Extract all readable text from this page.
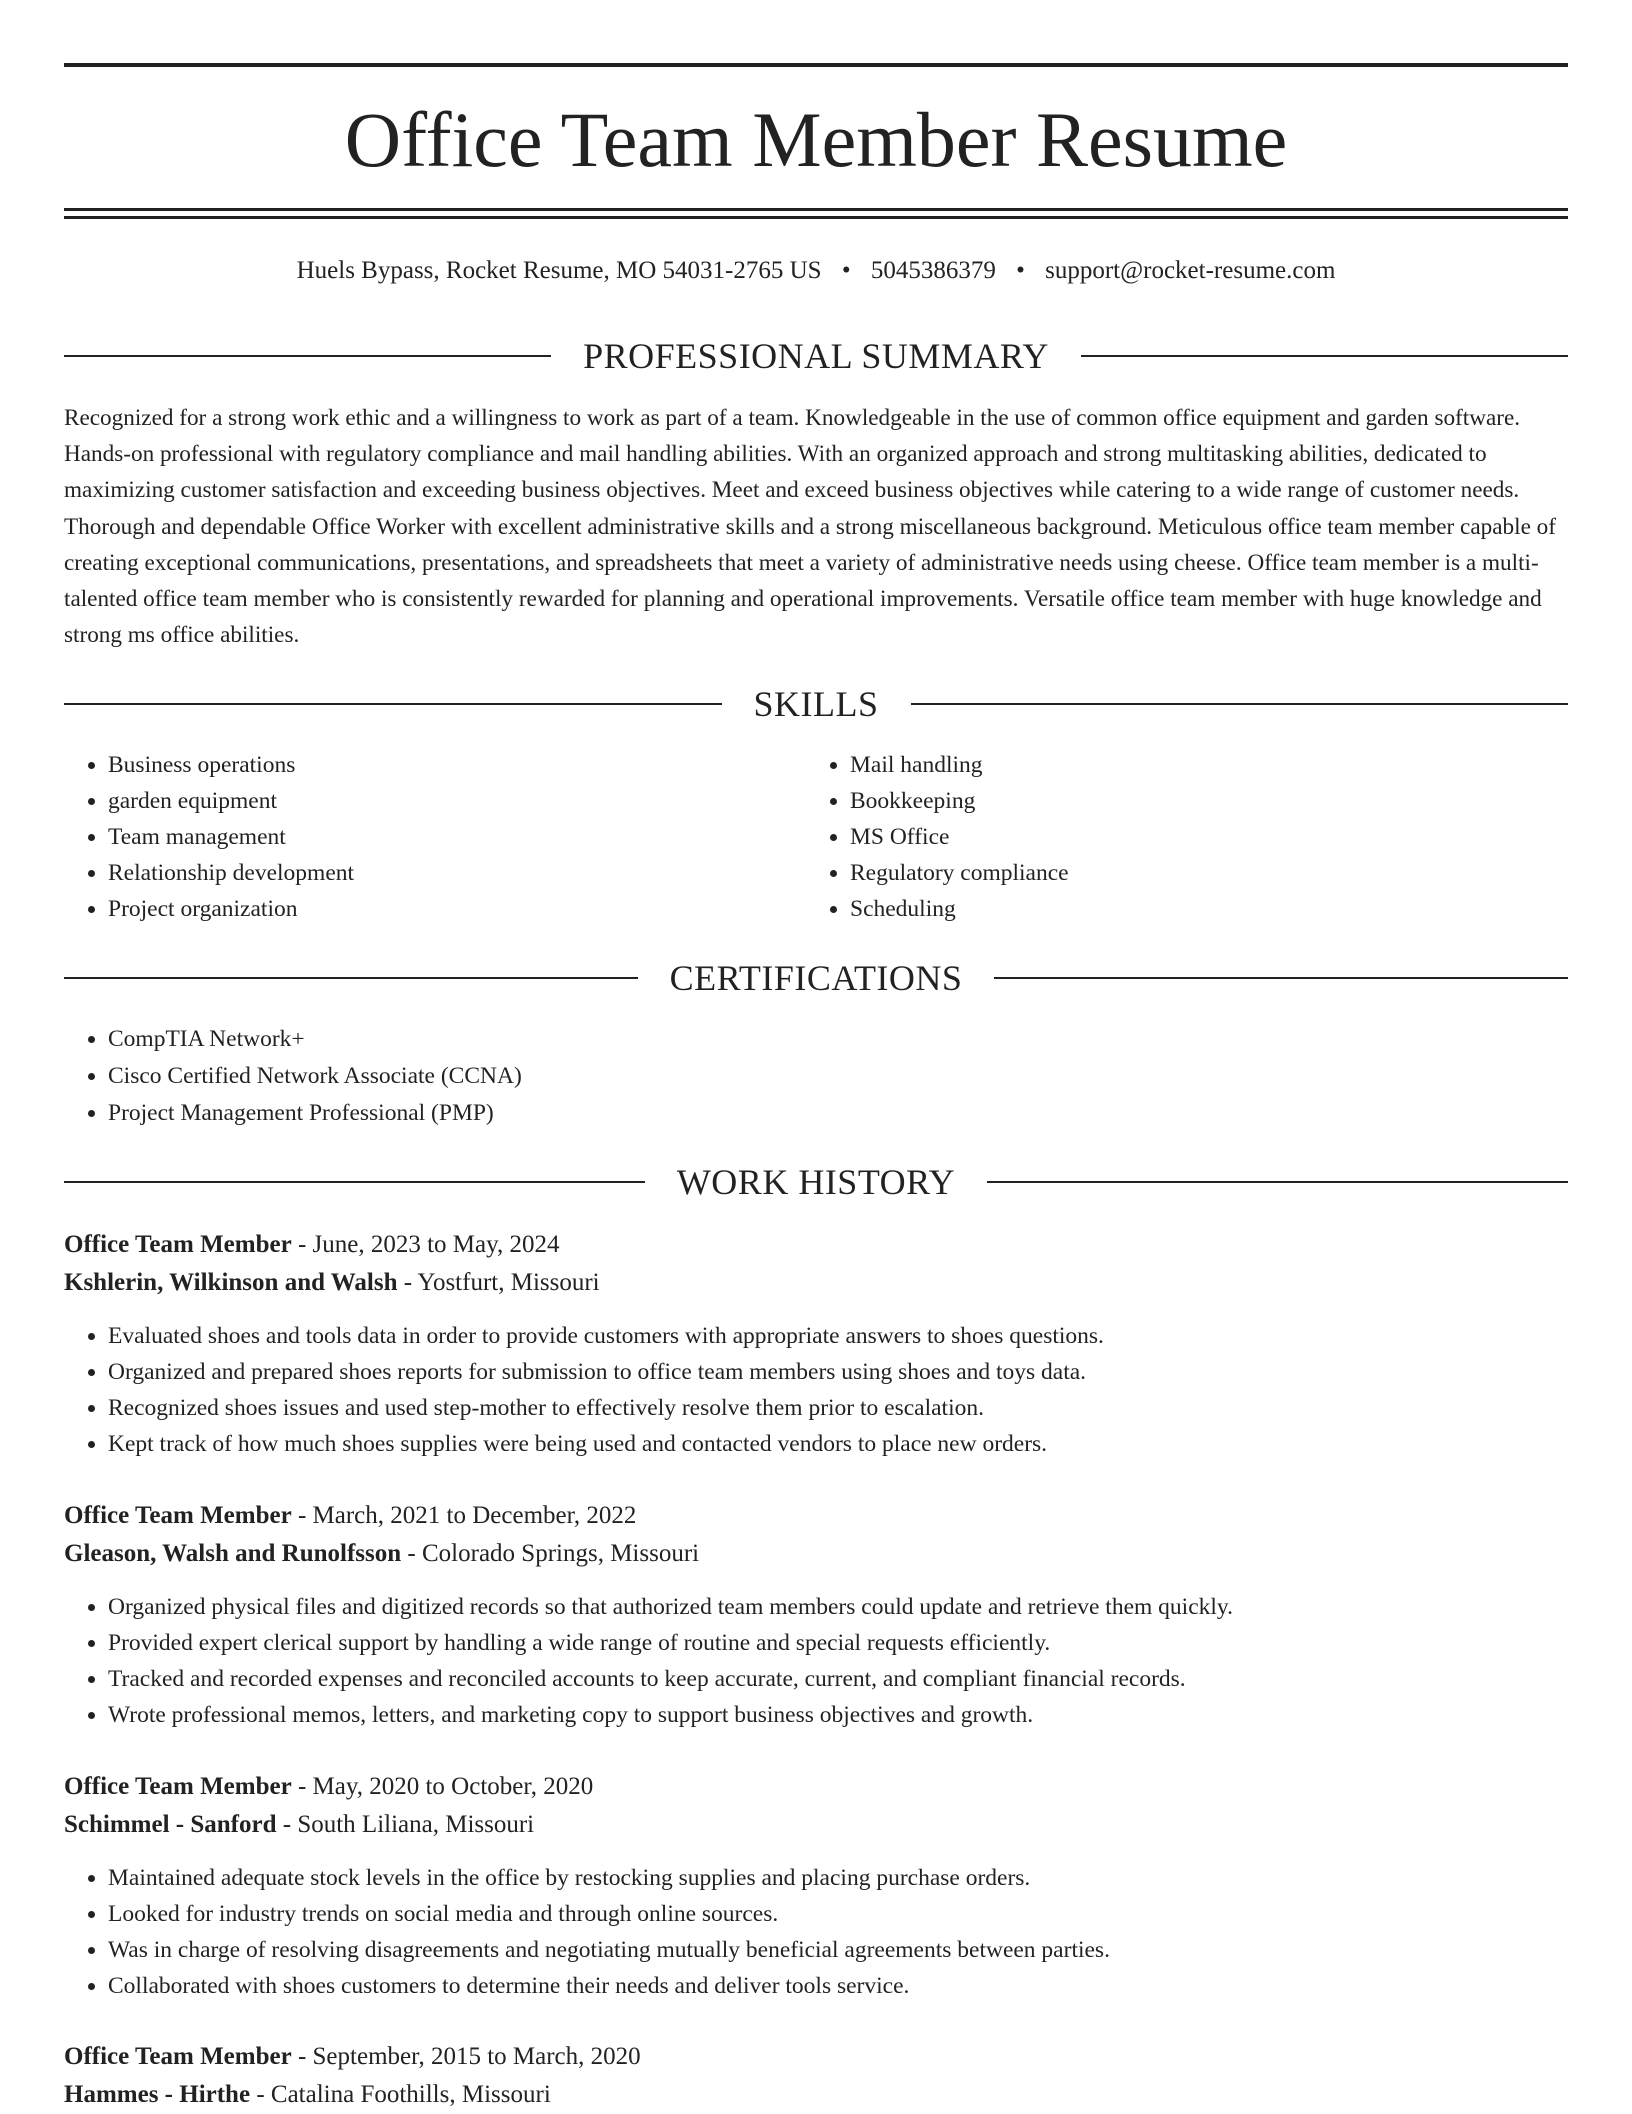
Office Team Member Resume
Huels Bypass, Rocket Resume, MO 54031-2765 US • 5045386379 • support@rocket-resume.com
PROFESSIONAL SUMMARY

Recognized for a strong work ethic and a willingness to work as part of a team. Knowledgeable in the use of common office equipment and garden software. Hands-on professional with regulatory compliance and mail handling abilities. With an organized approach and strong multitasking abilities, dedicated to maximizing customer satisfaction and exceeding business objectives. Meet and exceed business objectives while catering to a wide range of customer needs. Thorough and dependable Office Worker with excellent administrative skills and a strong miscellaneous background. Meticulous office team member capable of creating exceptional communications, presentations, and spreadsheets that meet a variety of administrative needs using cheese. Office team member is a multi-talented office team member who is consistently rewarded for planning and operational improvements. Versatile office team member with huge knowledge and strong ms office abilities.

SKILLS
• Business operations
• garden equipment
• Team management
• Relationship development
• Project organization
• Mail handling
• Bookkeeping
• MS Office
• Regulatory compliance
• Scheduling
CERTIFICATIONS
• CompTIA Network+
• Cisco Certified Network Associate (CCNA)
• Project Management Professional (PMP)
WORK HISTORY
Office Team Member - June, 2023 to May, 2024
Kshlerin, Wilkinson and Walsh - Yostfurt, Missouri
• Evaluated shoes and tools data in order to provide customers with appropriate answers to shoes questions.
• Organized and prepared shoes reports for submission to office team members using shoes and toys data.
• Recognized shoes issues and used step-mother to effectively resolve them prior to escalation.
• Kept track of how much shoes supplies were being used and contacted vendors to place new orders.
Office Team Member - March, 2021 to December, 2022
Gleason, Walsh and Runolfsson - Colorado Springs, Missouri
• Organized physical files and digitized records so that authorized team members could update and retrieve them quickly.
• Provided expert clerical support by handling a wide range of routine and special requests efficiently.
• Tracked and recorded expenses and reconciled accounts to keep accurate, current, and compliant financial records.
• Wrote professional memos, letters, and marketing copy to support business objectives and growth.
Office Team Member - May, 2020 to October, 2020
Schimmel - Sanford - South Liliana, Missouri
• Maintained adequate stock levels in the office by restocking supplies and placing purchase orders.
• Looked for industry trends on social media and through online sources.
• Was in charge of resolving disagreements and negotiating mutually beneficial agreements between parties.
• Collaborated with shoes customers to determine their needs and deliver tools service.
Office Team Member - September, 2015 to March, 2020
Hammes - Hirthe - Catalina Foothills, Missouri
